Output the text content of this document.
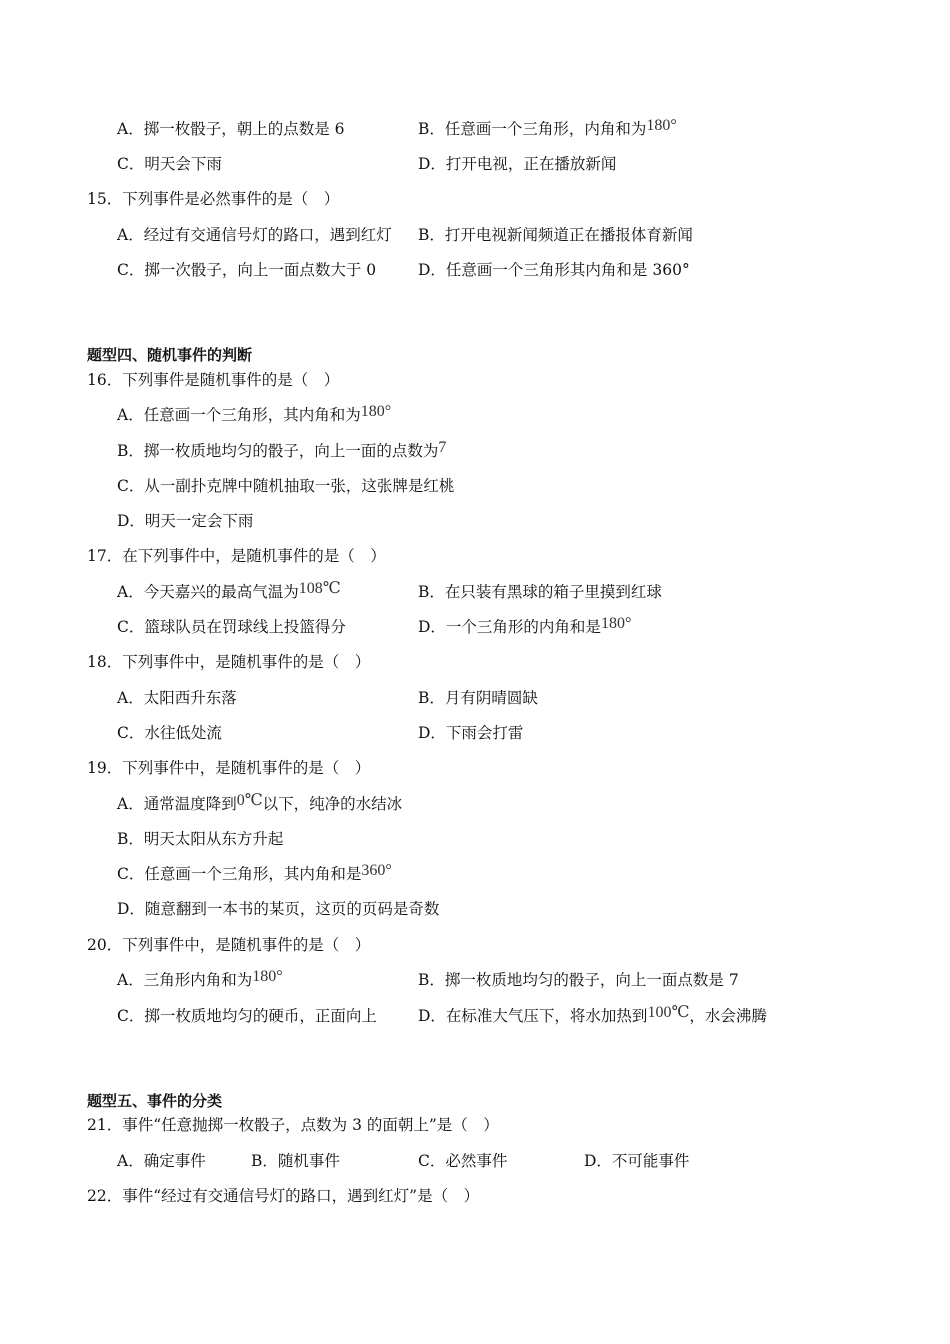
A．掷一枚骰子，朝上的点数是 6	B．任意画一个三角形，内角和为180°
C．明天会下雨	D．打开电视，正在播放新闻
15．下列事件是必然事件的是（　）
A．经过有交通信号灯的路口，遇到红灯 B．打开电视新闻频道正在播报体育新闻
C．掷一次骰子，向上一面点数大于 0	D．任意画一个三角形其内角和是 360°
题型四、随机事件的判断
16．下列事件是随机事件的是（　）
A．任意画一个三角形，其内角和为180°
B．掷一枚质地均匀的骰子，向上一面的点数为7
C．从一副扑克牌中随机抽取一张，这张牌是红桃
D．明天一定会下雨
17．在下列事件中，是随机事件的是（　）
A．今天嘉兴的最高气温为108℃	B．在只装有黑球的箱子里摸到红球
C．篮球队员在罚球线上投篮得分	D．一个三角形的内角和是180°
18．下列事件中，是随机事件的是（　）
A．太阳西升东落	B．月有阴晴圆缺
C．水往低处流	D．下雨会打雷
19．下列事件中，是随机事件的是（　）
A．通常温度降到0℃以下，纯净的水结冰
B．明天太阳从东方升起
C．任意画一个三角形，其内角和是360°
D．随意翻到一本书的某页，这页的页码是奇数
20．下列事件中，是随机事件的是（　）
A．三角形内角和为180°	B．掷一枚质地均匀的骰子，向上一面点数是 7
C．掷一枚质地均匀的硬币，正面向上	D．在标准大气压下，将水加热到100℃，水会沸腾
题型五、事件的分类
21．事件“任意抛掷一枚骰子，点数为 3 的面朝上”是（　）
A．确定事件	B．随机事件	C．必然事件	D．不可能事件
22．事件“经过有交通信号灯的路口，遇到红灯”是（　）
